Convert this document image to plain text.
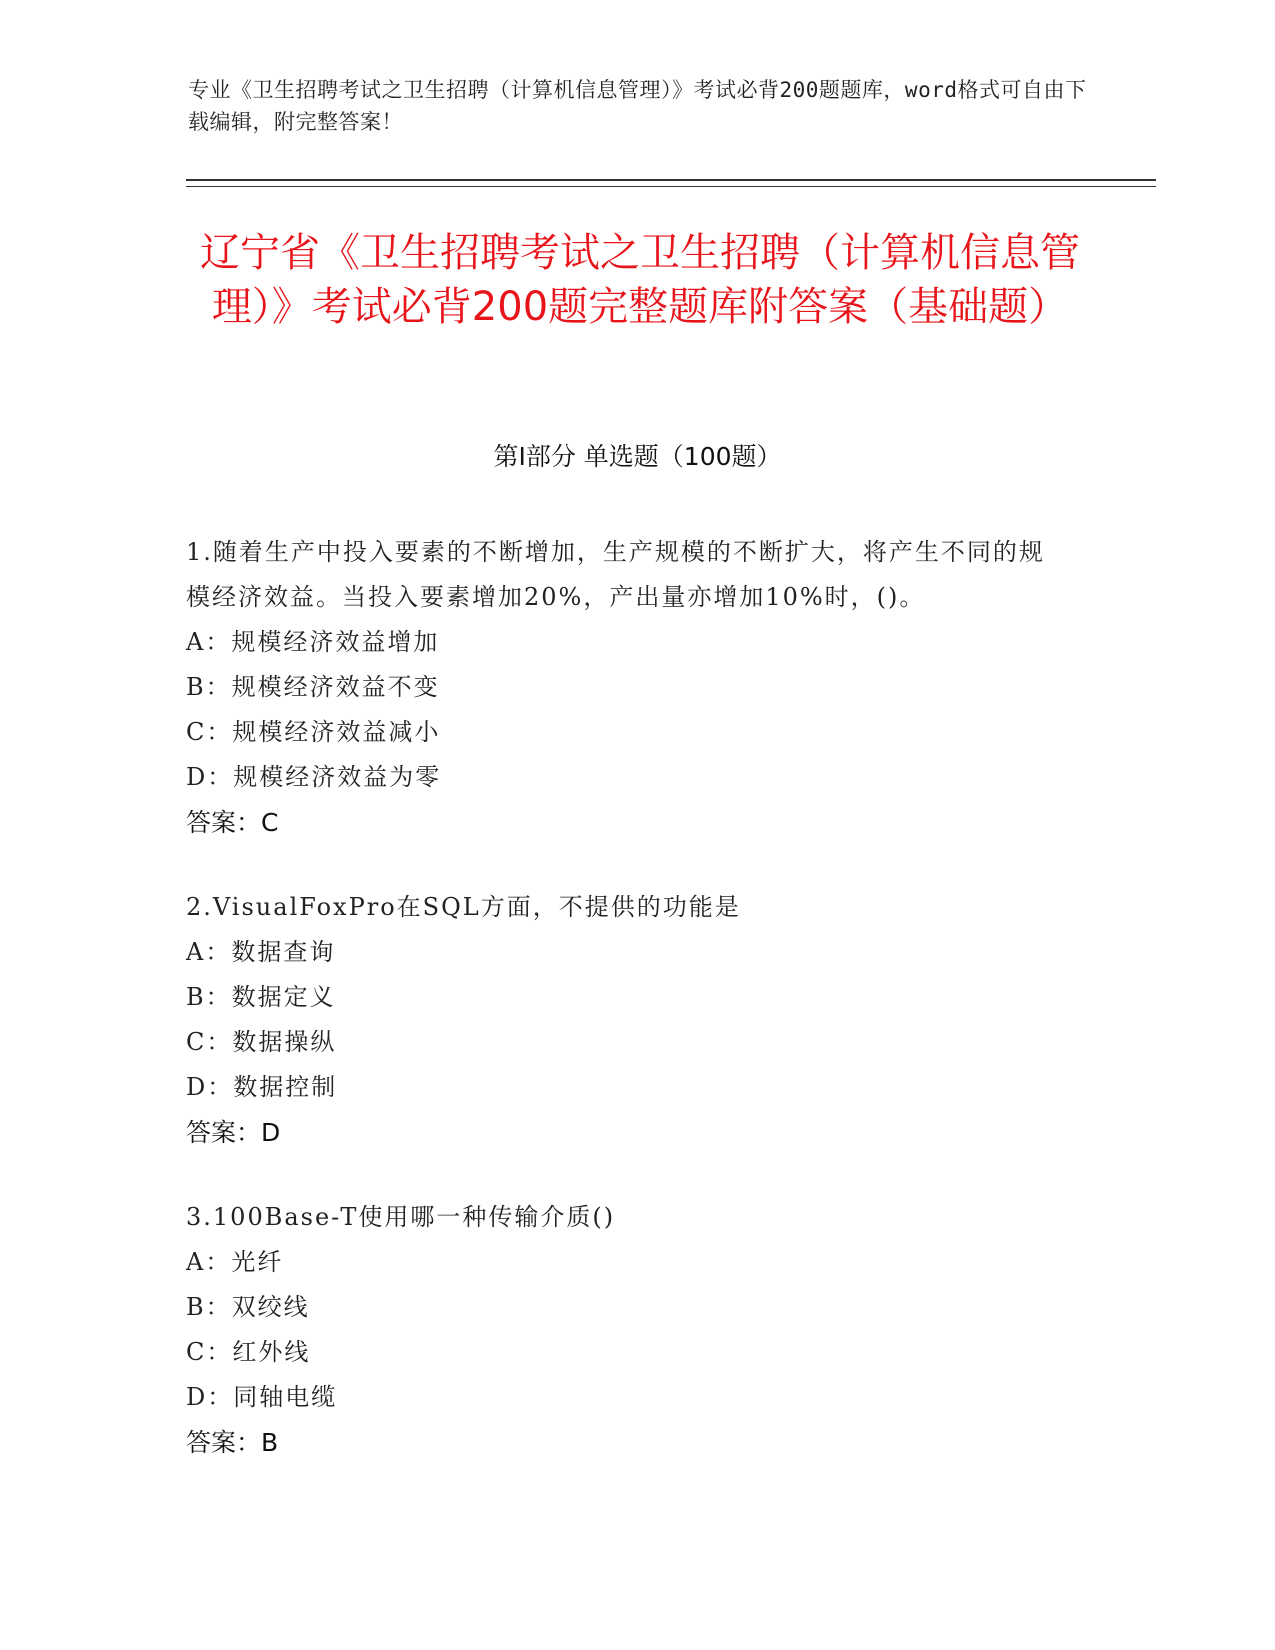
专业《卫生招聘考试之卫生招聘（计算机信息管理）》考试必背200题题库，word格式可自由下载编辑，附完整答案！
辽宁省《卫生招聘考试之卫生招聘（计算机信息管理）》考试必背200题完整题库附答案（基础题）
第I部分 单选题（100题）
1.随着生产中投入要素的不断增加，生产规模的不断扩大，将产生不同的规模经济效益。当投入要素增加20%，产出量亦增加10%时，()。
A：规模经济效益增加
B：规模经济效益不变
C：规模经济效益减小
D：规模经济效益为零
答案：C
2.VisualFoxPro在SQL方面，不提供的功能是
A：数据查询
B：数据定义
C：数据操纵
D：数据控制
答案：D
3.100Base-T使用哪一种传输介质()
A：光纤
B：双绞线
C：红外线
D：同轴电缆
答案：B
